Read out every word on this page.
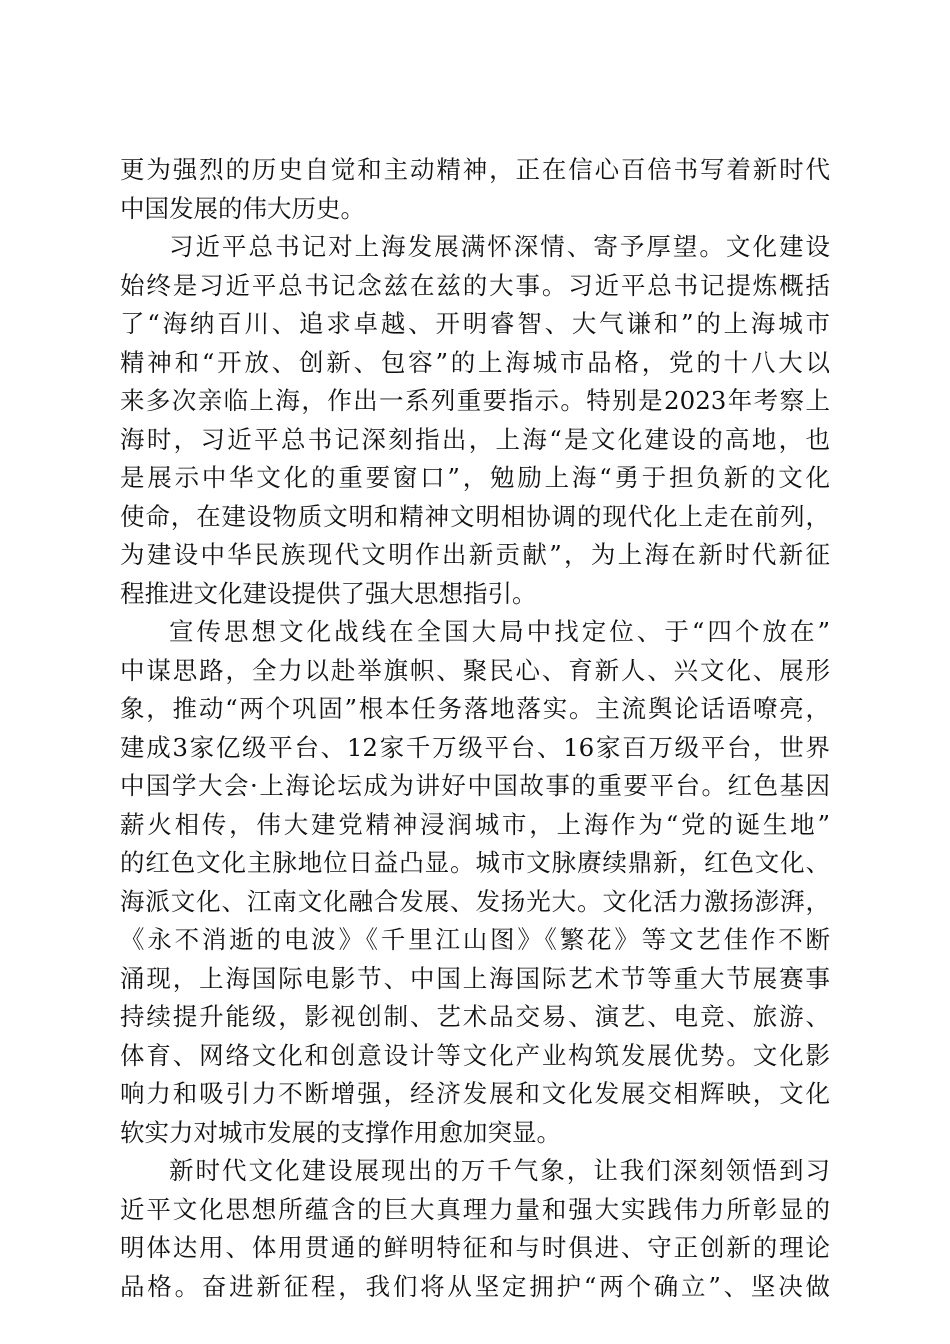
更为强烈的历史自觉和主动精神，正在信心百倍书写着新时代
中国发展的伟大历史。
习近平总书记对上海发展满怀深情、寄予厚望。文化建设
始终是习近平总书记念兹在兹的大事。习近平总书记提炼概括
了“海纳百川、追求卓越、开明睿智、大气谦和”的上海城市
精神和“开放、创新、包容”的上海城市品格，党的十八大以
来多次亲临上海，作出一系列重要指示。特别是2023年考察上
海时，习近平总书记深刻指出，上海“是文化建设的高地，也
是展示中华文化的重要窗口”，勉励上海“勇于担负新的文化
使命，在建设物质文明和精神文明相协调的现代化上走在前列，
为建设中华民族现代文明作出新贡献”，为上海在新时代新征
程推进文化建设提供了强大思想指引。
宣传思想文化战线在全国大局中找定位、于“四个放在”
中谋思路，全力以赴举旗帜、聚民心、育新人、兴文化、展形
象，推动“两个巩固”根本任务落地落实。主流舆论话语嘹亮，
建成3家亿级平台、12家千万级平台、16家百万级平台，世界
中国学大会·上海论坛成为讲好中国故事的重要平台。红色基因
薪火相传，伟大建党精神浸润城市，上海作为“党的诞生地”
的红色文化主脉地位日益凸显。城市文脉赓续鼎新，红色文化、
海派文化、江南文化融合发展、发扬光大。文化活力激扬澎湃，
《永不消逝的电波》《千里江山图》《繁花》等文艺佳作不断
涌现，上海国际电影节、中国上海国际艺术节等重大节展赛事
持续提升能级，影视创制、艺术品交易、演艺、电竞、旅游、
体育、网络文化和创意设计等文化产业构筑发展优势。文化影
响力和吸引力不断增强，经济发展和文化发展交相辉映，文化
软实力对城市发展的支撑作用愈加突显。
新时代文化建设展现出的万千气象，让我们深刻领悟到习
近平文化思想所蕴含的巨大真理力量和强大实践伟力所彰显的
明体达用、体用贯通的鲜明特征和与时俱进、守正创新的理论
品格。奋进新征程，我们将从坚定拥护“两个确立”、坚决做
